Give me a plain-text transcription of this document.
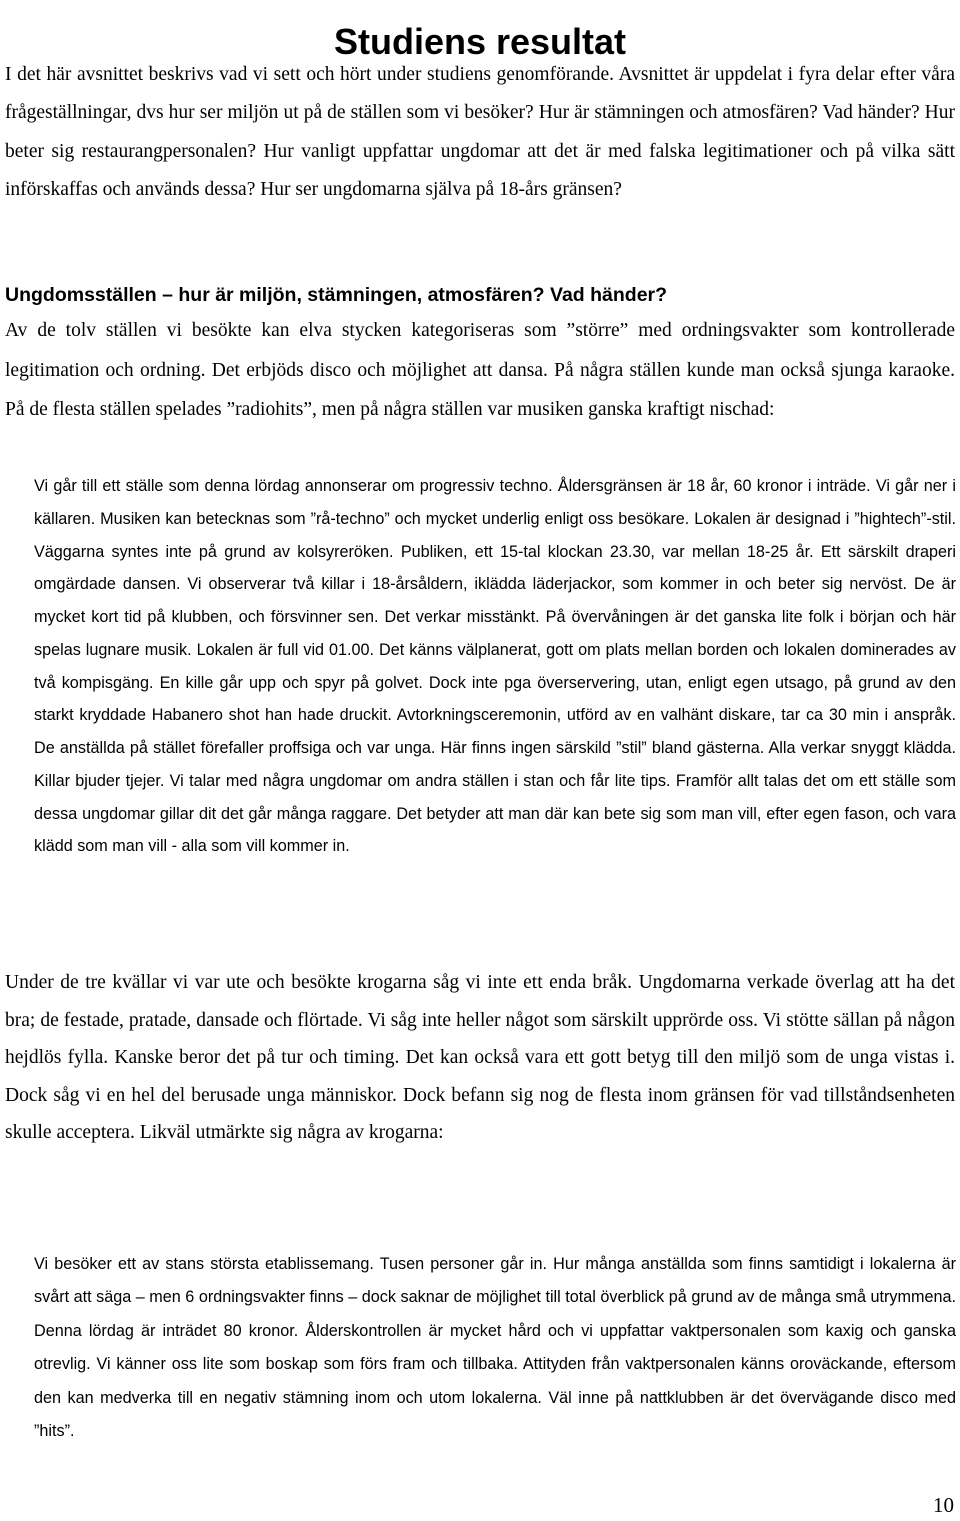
Studiens resultat

I det här avsnittet beskrivs vad vi sett och hört under studiens genomförande. Avsnittet är uppdelat i fyra delar efter våra frågeställningar, dvs hur ser miljön ut på de ställen som vi besöker? Hur är stämningen och atmosfären? Vad händer? Hur beter sig restaurangpersonalen? Hur vanligt uppfattar ungdomar att det är med falska legitimationer och på vilka sätt införskaffas och används dessa? Hur ser ungdomarna själva på 18-års gränsen?

Ungdomsställen – hur är miljön, stämningen, atmosfären? Vad händer?

Av de tolv ställen vi besökte kan elva stycken kategoriseras som ”större” med ordningsvakter som kontrollerade legitimation och ordning. Det erbjöds disco och möjlighet att dansa. På några ställen kunde man också sjunga karaoke. På de flesta ställen spelades ”radiohits”, men på några ställen var musiken ganska kraftigt nischad:

Vi går till ett ställe som denna lördag annonserar om progressiv techno. Åldersgränsen är 18 år, 60 kronor i inträde. Vi går ner i källaren. Musiken kan betecknas som ”rå-techno” och mycket underlig enligt oss besökare. Lokalen är designad i ”hightech”-stil. Väggarna syntes inte på grund av kolsyreröken. Publiken, ett 15-tal klockan 23.30, var mellan 18-25 år. Ett särskilt draperi omgärdade dansen. Vi observerar två killar i 18-årsåldern, iklädda läderjackor, som kommer in och beter sig nervöst. De är mycket kort tid på klubben, och försvinner sen. Det verkar misstänkt. På övervåningen är det ganska lite folk i början och här spelas lugnare musik. Lokalen är full vid 01.00. Det känns välplanerat, gott om plats mellan borden och lokalen dominerades av två kompisgäng. En kille går upp och spyr på golvet. Dock inte pga överservering, utan, enligt egen utsago, på grund av den starkt kryddade Habanero shot han hade druckit. Avtorkningsceremonin, utförd av en valhänt diskare, tar ca 30 min i anspråk. De anställda på stället förefaller proffsiga och var unga. Här finns ingen särskild ”stil” bland gästerna. Alla verkar snyggt klädda. Killar bjuder tjejer. Vi talar med några ungdomar om andra ställen i stan och får lite tips. Framför allt talas det om ett ställe som dessa ungdomar gillar dit det går många raggare. Det betyder att man där kan bete sig som man vill, efter egen fason, och vara klädd som man vill - alla som vill kommer in.

Under de tre kvällar vi var ute och besökte krogarna såg vi inte ett enda bråk. Ungdomarna verkade överlag att ha det bra; de festade, pratade, dansade och flörtade. Vi såg inte heller något som särskilt upprörde oss. Vi stötte sällan på någon hejdlös fylla. Kanske beror det på tur och timing. Det kan också vara ett gott betyg till den miljö som de unga vistas i. Dock såg vi en hel del berusade unga människor. Dock befann sig nog de flesta inom gränsen för vad tillståndsenheten skulle acceptera. Likväl utmärkte sig några av krogarna:

Vi besöker ett av stans största etablissemang. Tusen personer går in. Hur många anställda som finns samtidigt i lokalerna är svårt att säga – men 6 ordningsvakter finns – dock saknar de möjlighet till total överblick på grund av de många små utrymmena. Denna lördag är inträdet 80 kronor. Ålderskontrollen är mycket hård och vi uppfattar vaktpersonalen som kaxig och ganska otrevlig. Vi känner oss lite som boskap som förs fram och tillbaka. Attityden från vaktpersonalen känns oroväckande, eftersom den kan medverka till en negativ stämning inom och utom lokalerna. Väl inne på nattklubben är det övervägande disco med ”hits”.

10
